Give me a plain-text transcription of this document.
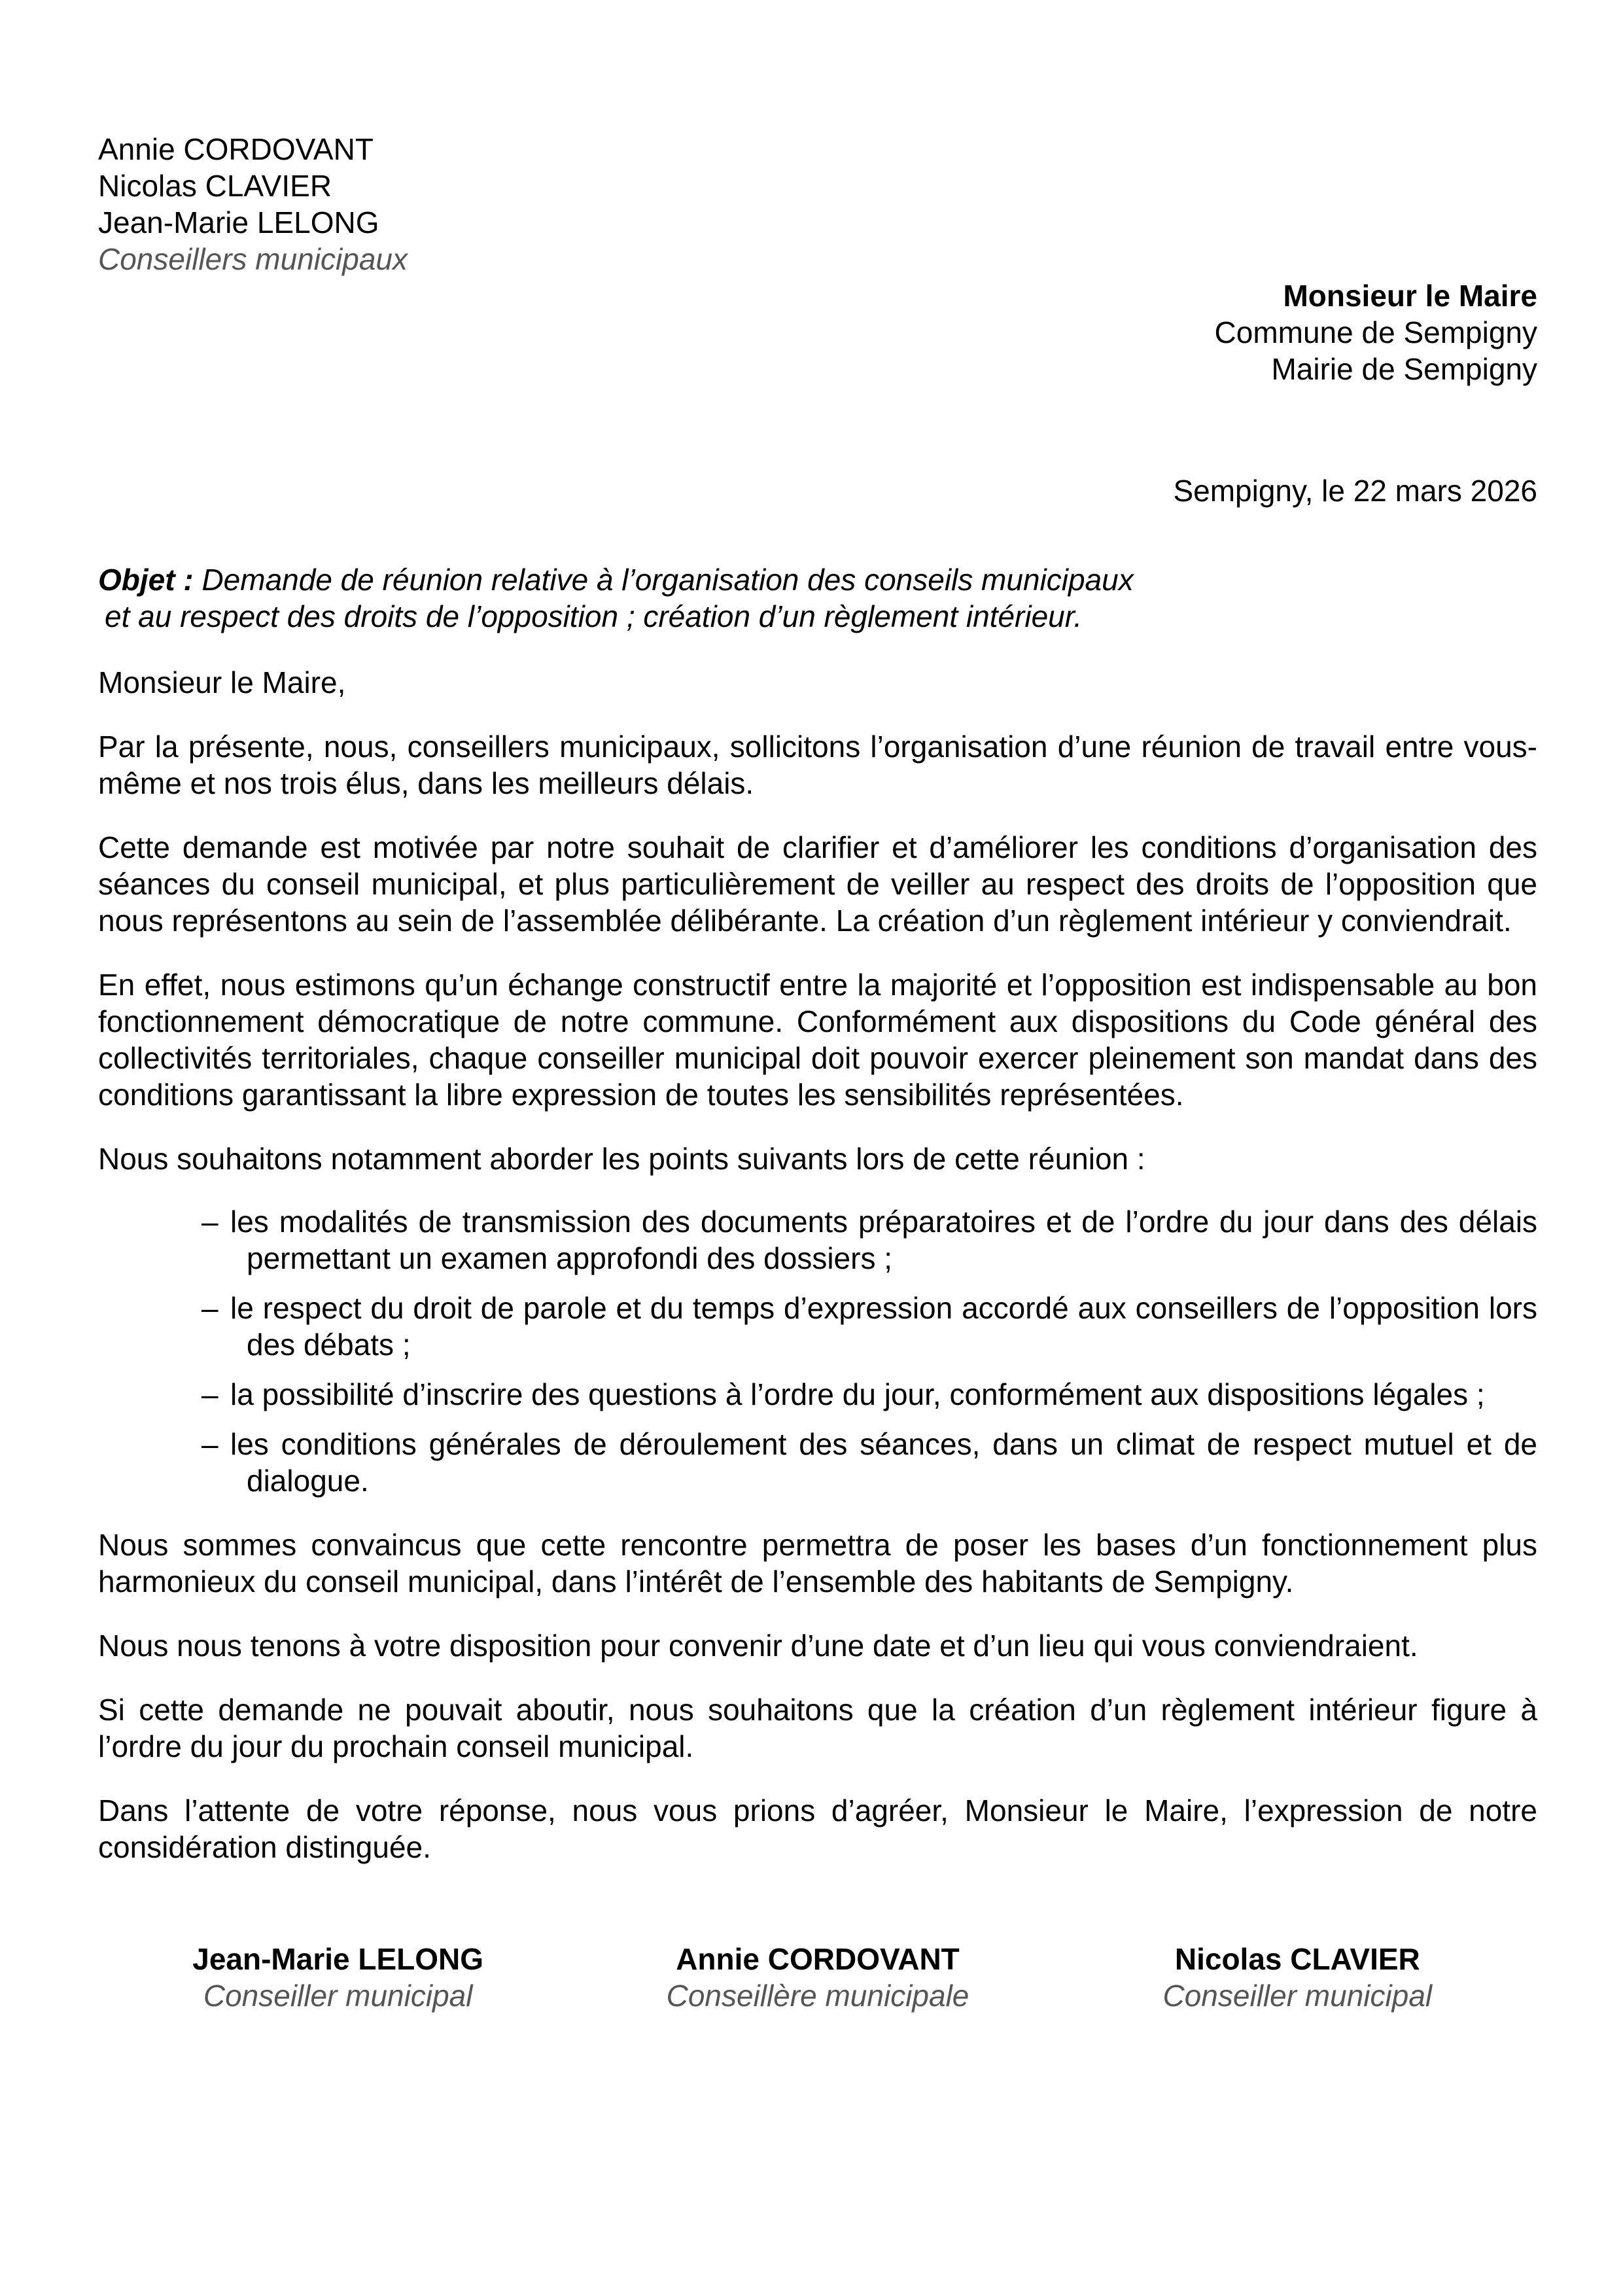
Annie CORDOVANT
Nicolas CLAVIER
Jean-Marie LELONG
Conseillers municipaux
Monsieur le Maire
Commune de Sempigny
Mairie de Sempigny
Sempigny, le 22 mars 2026
Objet : Demande de réunion relative à l’organisation des conseils municipaux
et au respect des droits de l’opposition ; création d’un règlement intérieur.

Monsieur le Maire,

Par la présente, nous, conseillers municipaux, sollicitons l’organisation d’une réunion de travail entre vous-même et nos trois élus, dans les meilleurs délais.

Cette demande est motivée par notre souhait de clarifier et d’améliorer les conditions d’organisation des séances du conseil municipal, et plus particulièrement de veiller au respect des droits de l’opposition que nous représentons au sein de l’assemblée délibérante. La création d’un règlement intérieur y conviendrait.

En effet, nous estimons qu’un échange constructif entre la majorité et l’opposition est indispensable au bon fonctionnement démocratique de notre commune. Conformément aux dispositions du Code général des collectivités territoriales, chaque conseiller municipal doit pouvoir exercer pleinement son mandat dans des conditions garantissant la libre expression de toutes les sensibilités représentées.

Nous souhaitons notamment aborder les points suivants lors de cette réunion :

– les modalités de transmission des documents préparatoires et de l’ordre du jour dans des délais permettant un examen approfondi des dossiers ;
– le respect du droit de parole et du temps d’expression accordé aux conseillers de l’opposition lors des débats ;
– la possibilité d’inscrire des questions à l’ordre du jour, conformément aux dispositions légales ;
– les conditions générales de déroulement des séances, dans un climat de respect mutuel et de dialogue.

Nous sommes convaincus que cette rencontre permettra de poser les bases d’un fonctionnement plus harmonieux du conseil municipal, dans l’intérêt de l’ensemble des habitants de Sempigny.

Nous nous tenons à votre disposition pour convenir d’une date et d’un lieu qui vous conviendraient.

Si cette demande ne pouvait aboutir, nous souhaitons que la création d’un règlement intérieur figure à l’ordre du jour du prochain conseil municipal.

Dans l’attente de votre réponse, nous vous prions d’agréer, Monsieur le Maire, l’expression de notre considération distinguée.

Jean-Marie LELONG
Conseiller municipal
Annie CORDOVANT
Conseillère municipale
Nicolas CLAVIER
Conseiller municipal
